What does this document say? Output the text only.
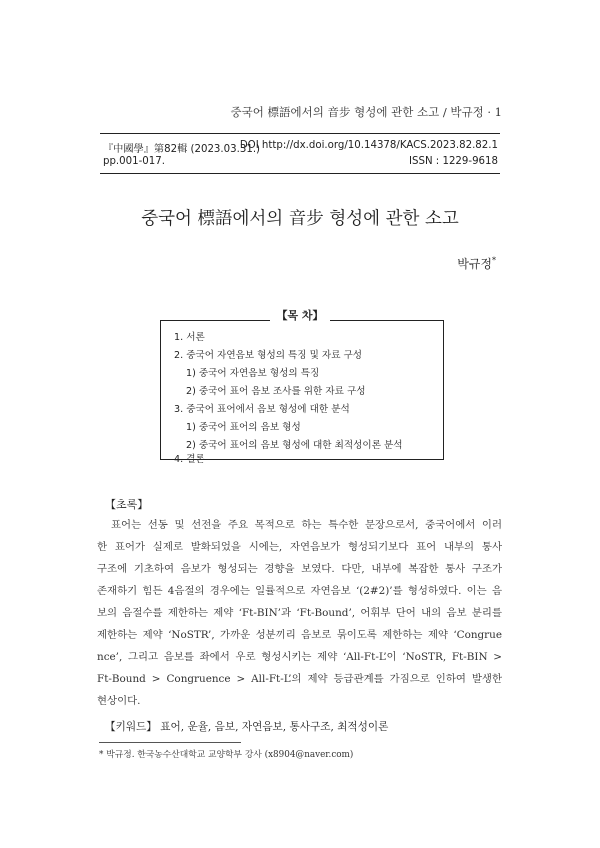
중국어 標語에서의 音步 형성에 관한 소고 / 박규정 · 1
『中國學』第82輯 (2023.03.31.)
pp.001-017.
DOI http://dx.doi.org/10.14378/KACS.2023.82.82.1
ISSN : 1229-9618
중국어 標語에서의 音步 형성에 관한 소고
박규정*
【목 차】
1. 서론
2. 중국어 자연음보 형성의 특징 및 자료 구성
1) 중국어 자연음보 형성의 특징
2) 중국어 표어 음보 조사를 위한 자료 구성
3. 중국어 표어에서 음보 형성에 대한 분석
1) 중국어 표어의 음보 형성
2) 중국어 표어의 음보 형성에 대한 최적성이론 분석
4. 결론
【초록】
표어는 선동 및 선전을 주요 목적으로 하는 특수한 문장으로서, 중국어에서 이러
한 표어가 실제로 발화되었을 시에는, 자연음보가 형성되기보다 표어 내부의 통사
구조에 기초하여 음보가 형성되는 경향을 보였다. 다만, 내부에 복잡한 통사 구조가
존재하기 힘든 4음절의 경우에는 일률적으로 자연음보 ‘(2#2)’를 형성하였다. 이는 음
보의 음절수를 제한하는 제약 ‘Ft-BIN’과 ‘Ft-Bound’, 어휘부 단어 내의 음보 분리를
제한하는 제약 ‘NoSTR’, 가까운 성분끼리 음보로 묶이도록 제한하는 제약 ‘Congrue
nce’, 그리고 음보를 좌에서 우로 형성시키는 제약 ‘All-Ft-L’이 ‘NoSTR, Ft-BIN >
Ft-Bound > Congruence > All-Ft-L’의 제약 등급관계를 가짐으로 인하여 발생한
【키워드】 표어, 운율, 음보, 자연음보, 통사구조, 최적성이론
* 박규정. 한국농수산대학교 교양학부 강사 (x8904@naver.com)
현상이다.
